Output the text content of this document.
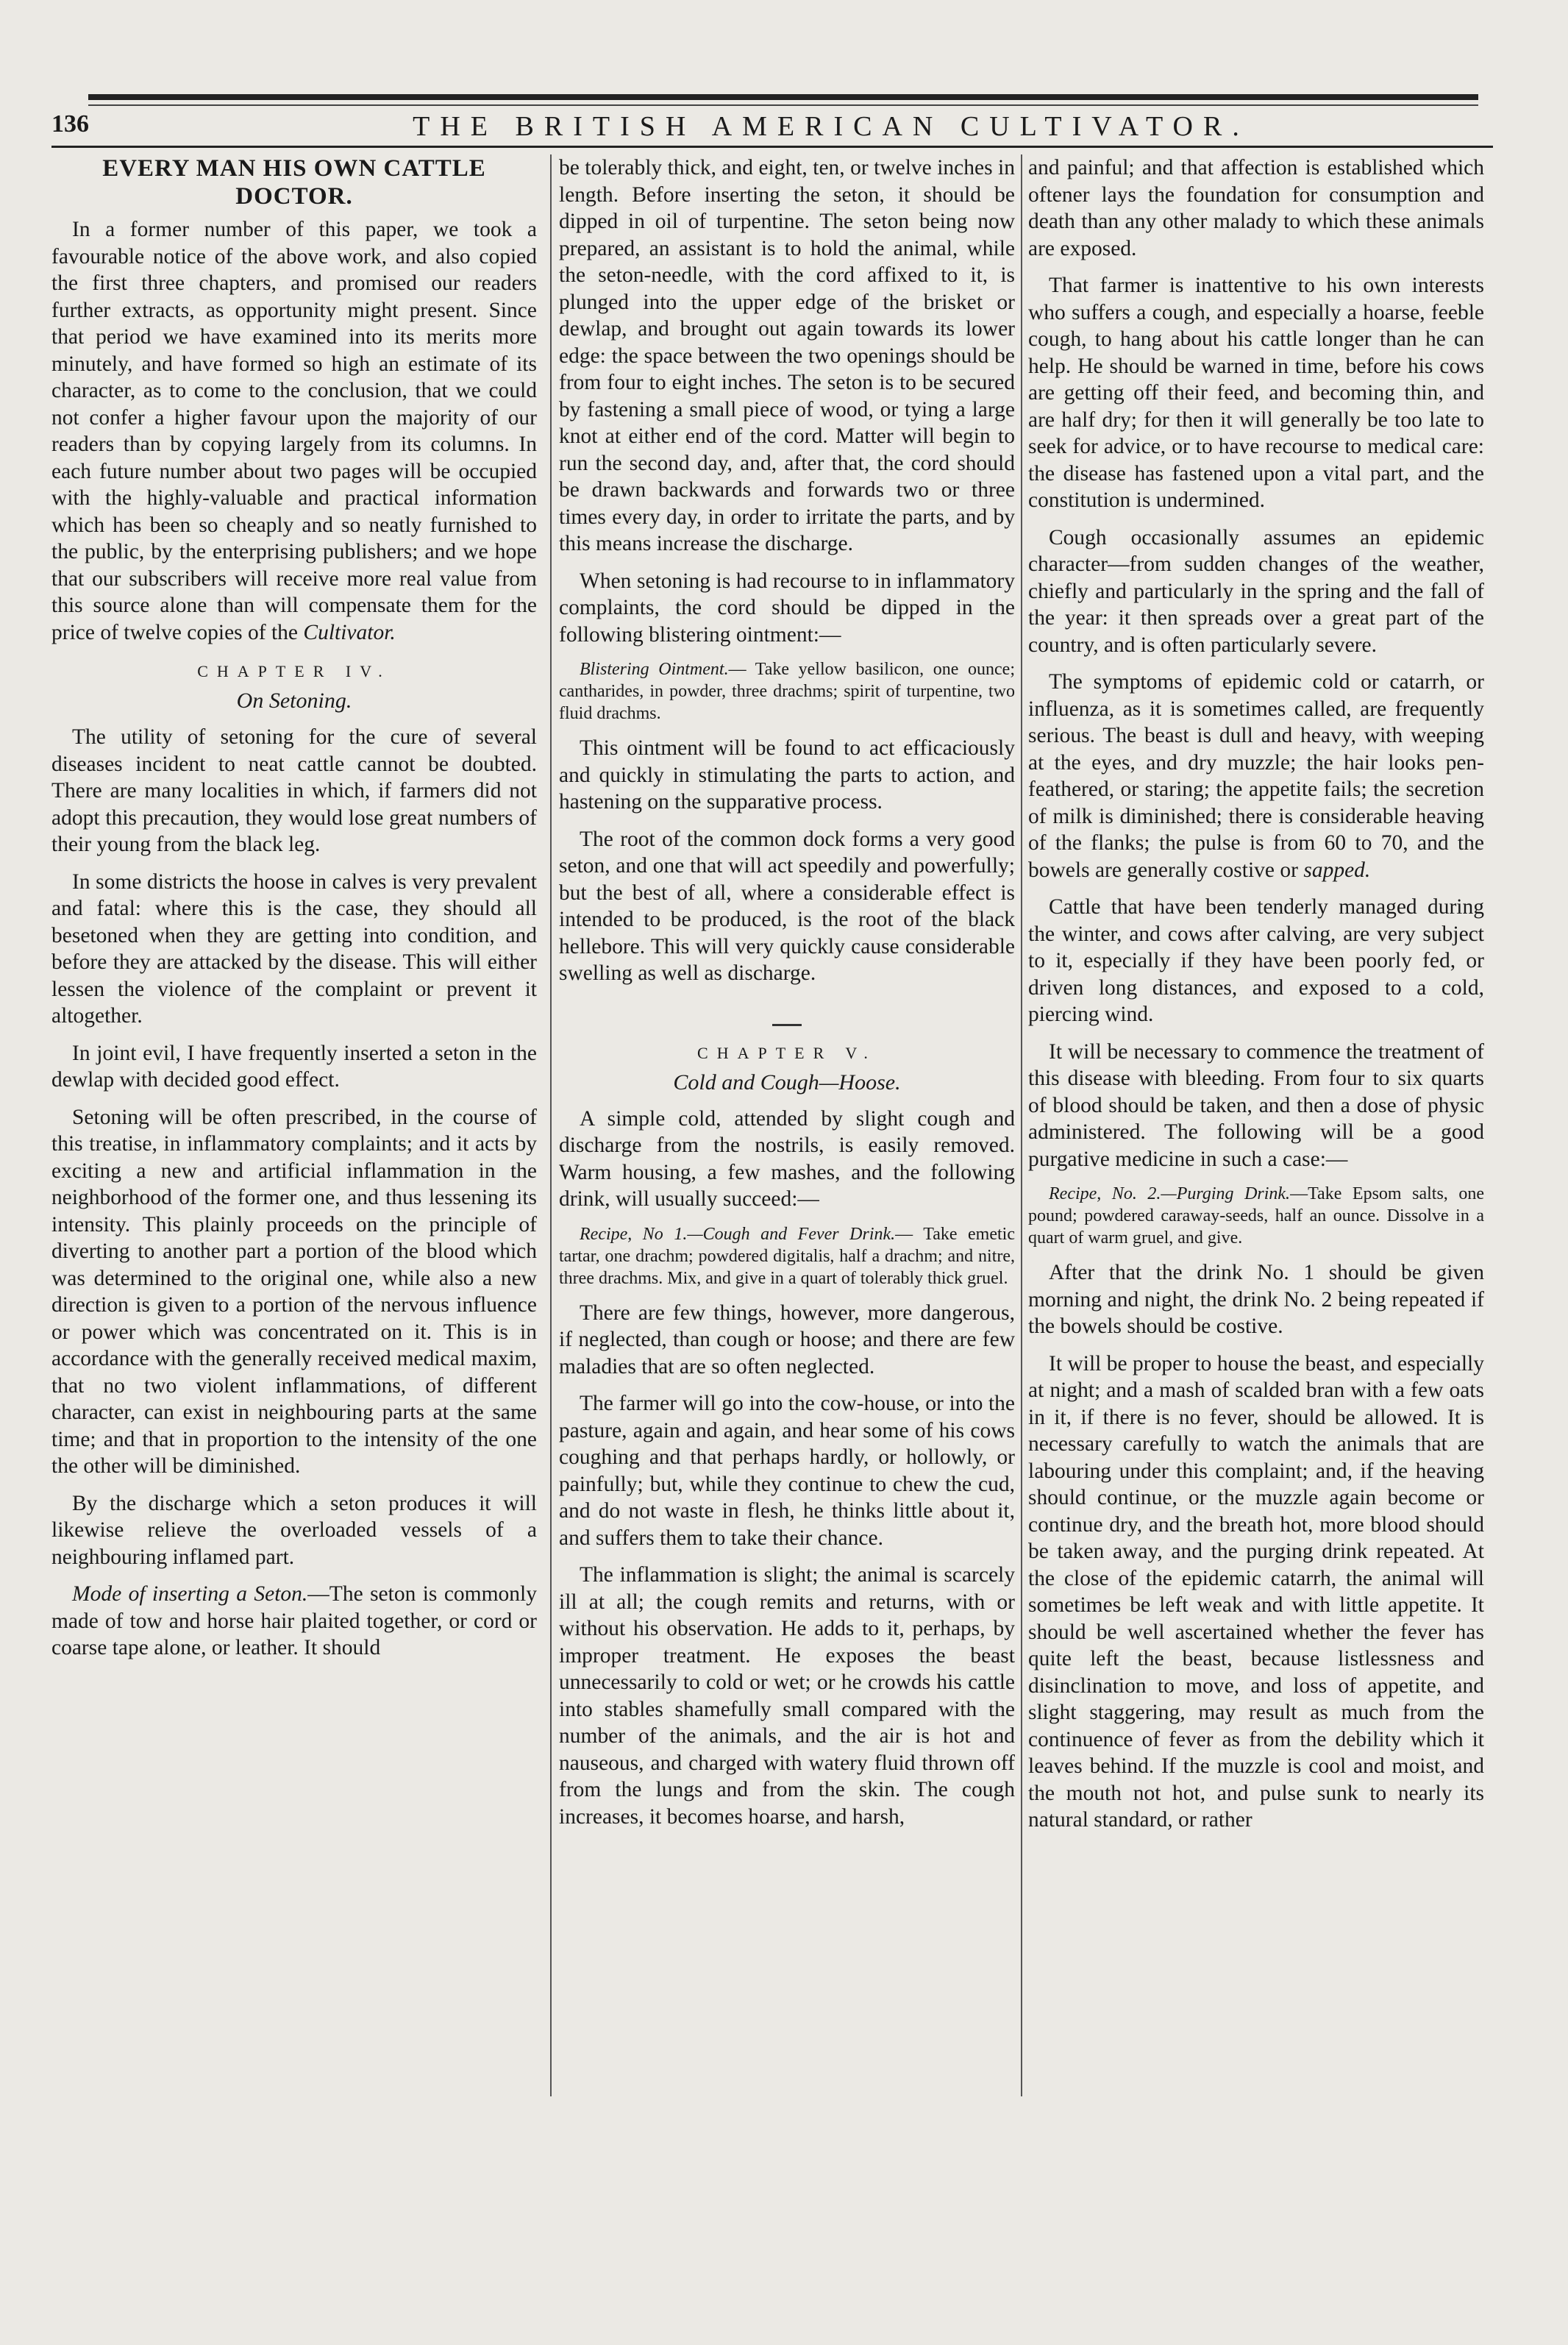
136	THE BRITISH AMERICAN CULTIVATOR.
EVERY MAN HIS OWN CATTLE
DOCTOR.

In a former number of this paper, we took a favourable notice of the above work, and also copied the first three chapters, and promised our readers further extracts, as opportunity might present. Since that period we have examined into its merits more minutely, and have formed so high an estimate of its character, as to come to the conclusion, that we could not confer a higher favour upon the majority of our readers than by copying largely from its columns. In each future number about two pages will be occupied with the highly-valuable and practical information which has been so cheaply and so neatly furnished to the public, by the enterprising publishers; and we hope that our subscribers will receive more real value from this source alone than will compensate them for the price of twelve copies of the Cultivator.

CHAPTER IV.
On Setoning.

The utility of setoning for the cure of several diseases incident to neat cattle cannot be doubted. There are many localities in which, if farmers did not adopt this precaution, they would lose great numbers of their young from the black leg.

In some districts the hoose in calves is very prevalent and fatal: where this is the case, they should all besetoned when they are getting into condition, and before they are attacked by the disease. This will either lessen the violence of the complaint or prevent it altogether.

In joint evil, I have frequently inserted a seton in the dewlap with decided good effect.

Setoning will be often prescribed, in the course of this treatise, in inflammatory complaints; and it acts by exciting a new and artificial inflammation in the neighborhood of the former one, and thus lessening its intensity. This plainly proceeds on the principle of diverting to another part a portion of the blood which was determined to the original one, while also a new direction is given to a portion of the nervous influence or power which was concentrated on it. This is in accordance with the generally received medical maxim, that no two violent inflammations, of different character, can exist in neighbouring parts at the same time; and that in proportion to the intensity of the one the other will be diminished.

By the discharge which a seton produces it will likewise relieve the overloaded vessels of a neighbouring inflamed part.

Mode of inserting a Seton.—The seton is commonly made of tow and horse hair plaited together, or cord or coarse tape alone, or leather. It should

be tolerably thick, and eight, ten, or twelve inches in length. Before inserting the seton, it should be dipped in oil of turpentine. The seton being now prepared, an assistant is to hold the animal, while the seton-needle, with the cord affixed to it, is plunged into the upper edge of the brisket or dewlap, and brought out again towards its lower edge: the space between the two openings should be from four to eight inches. The seton is to be secured by fastening a small piece of wood, or tying a large knot at either end of the cord. Matter will begin to run the second day, and, after that, the cord should be drawn backwards and forwards two or three times every day, in order to irritate the parts, and by this means increase the discharge.

When setoning is had recourse to in inflammatory complaints, the cord should be dipped in the following blistering ointment:—

Blistering Ointment.— Take yellow basilicon, one ounce; cantharides, in powder, three drachms; spirit of turpentine, two fluid drachms.

This ointment will be found to act efficaciously and quickly in stimulating the parts to action, and hastening on the supparative process.

The root of the common dock forms a very good seton, and one that will act speedily and powerfully; but the best of all, where a considerable effect is intended to be produced, is the root of the black hellebore. This will very quickly cause considerable swelling as well as discharge.

CHAPTER V.
Cold and Cough—Hoose.

A simple cold, attended by slight cough and discharge from the nostrils, is easily removed. Warm housing, a few mashes, and the following drink, will usually succeed:—

Recipe, No 1.—Cough and Fever Drink.— Take emetic tartar, one drachm; powdered digitalis, half a drachm; and nitre, three drachms. Mix, and give in a quart of tolerably thick gruel.

There are few things, however, more dangerous, if neglected, than cough or hoose; and there are few maladies that are so often neglected.

The farmer will go into the cow-house, or into the pasture, again and again, and hear some of his cows coughing and that perhaps hardly, or hollowly, or painfully; but, while they continue to chew the cud, and do not waste in flesh, he thinks little about it, and suffers them to take their chance.

The inflammation is slight; the animal is scarcely ill at all; the cough remits and returns, with or without his observation. He adds to it, perhaps, by improper treatment. He exposes the beast unnecessarily to cold or wet; or he crowds his cattle into stables shamefully small compared with the number of the animals, and the air is hot and nauseous, and charged with watery fluid thrown off from the lungs and from the skin. The cough increases, it becomes hoarse, and harsh,

and painful; and that affection is established which oftener lays the foundation for consumption and death than any other malady to which these animals are exposed.

That farmer is inattentive to his own interests who suffers a cough, and especially a hoarse, feeble cough, to hang about his cattle longer than he can help. He should be warned in time, before his cows are getting off their feed, and becoming thin, and are half dry; for then it will generally be too late to seek for advice, or to have recourse to medical care: the disease has fastened upon a vital part, and the constitution is undermined.

Cough occasionally assumes an epidemic character—from sudden changes of the weather, chiefly and particularly in the spring and the fall of the year: it then spreads over a great part of the country, and is often particularly severe.

The symptoms of epidemic cold or catarrh, or influenza, as it is sometimes called, are frequently serious. The beast is dull and heavy, with weeping at the eyes, and dry muzzle; the hair looks pen-feathered, or staring; the appetite fails; the secretion of milk is diminished; there is considerable heaving of the flanks; the pulse is from 60 to 70, and the bowels are generally costive or sapped.

Cattle that have been tenderly managed during the winter, and cows after calving, are very subject to it, especially if they have been poorly fed, or driven long distances, and exposed to a cold, piercing wind.

It will be necessary to commence the treatment of this disease with bleeding. From four to six quarts of blood should be taken, and then a dose of physic administered. The following will be a good purgative medicine in such a case:—

Recipe, No. 2.—Purging Drink.—Take Epsom salts, one pound; powdered caraway-seeds, half an ounce. Dissolve in a quart of warm gruel, and give.

After that the drink No. 1 should be given morning and night, the drink No. 2 being repeated if the bowels should be costive.

It will be proper to house the beast, and especially at night; and a mash of scalded bran with a few oats in it, if there is no fever, should be allowed. It is necessary carefully to watch the animals that are labouring under this complaint; and, if the heaving should continue, or the muzzle again become or continue dry, and the breath hot, more blood should be taken away, and the purging drink repeated. At the close of the epidemic catarrh, the animal will sometimes be left weak and with little appetite. It should be well ascertained whether the fever has quite left the beast, because listlessness and disinclination to move, and loss of appetite, and slight staggering, may result as much from the continuence of fever as from the debility which it leaves behind. If the muzzle is cool and moist, and the mouth not hot, and pulse sunk to nearly its natural standard, or rather
